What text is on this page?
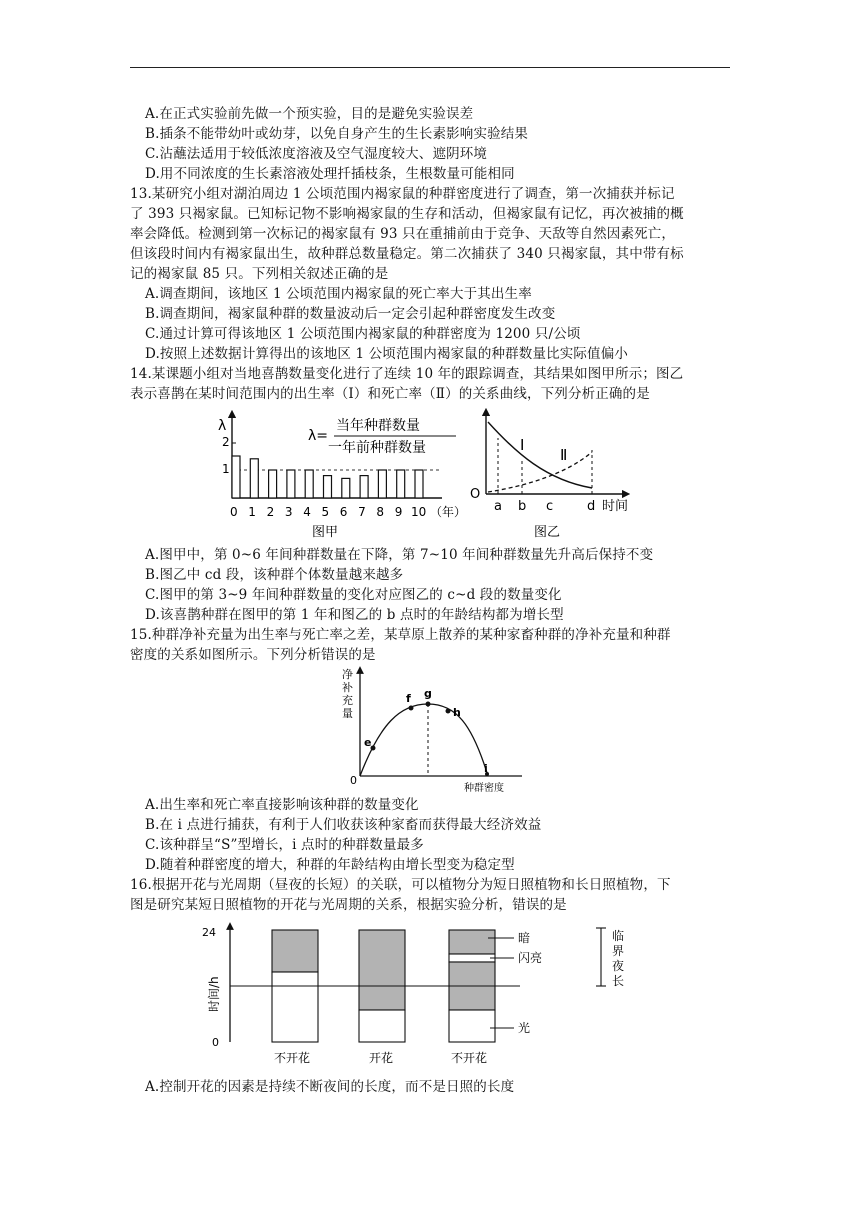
A.在正式实验前先做一个预实验，目的是避免实验误差
B.插条不能带幼叶或幼芽，以免自身产生的生长素影响实验结果
C.沾蘸法适用于较低浓度溶液及空气湿度较大、遮阴环境
D.用不同浓度的生长素溶液处理扦插枝条，生根数量可能相同
13.某研究小组对湖泊周边 1 公顷范围内褐家鼠的种群密度进行了调查，第一次捕获并标记
了 393 只褐家鼠。已知标记物不影响褐家鼠的生存和活动，但褐家鼠有记忆，再次被捕的概
率会降低。检测到第一次标记的褐家鼠有 93 只在重捕前由于竞争、天敌等自然因素死亡，
但该段时间内有褐家鼠出生，故种群总数量稳定。第二次捕获了 340 只褐家鼠，其中带有标
记的褐家鼠 85 只。下列相关叙述正确的是
A.调查期间，该地区 1 公顷范围内褐家鼠的死亡率大于其出生率
B.调查期间，褐家鼠种群的数量波动后一定会引起种群密度发生改变
C.通过计算可得该地区 1 公顷范围内褐家鼠的种群密度为 1200 只/公顷
D.按照上述数据计算得出的该地区 1 公顷范围内褐家鼠的种群数量比实际值偏小
14.某课题小组对当地喜鹊数量变化进行了连续 10 年的跟踪调查，其结果如图甲所示；图乙
表示喜鹊在某时间范围内的出生率（Ⅰ）和死亡率（Ⅱ）的关系曲线，下列分析正确的是
λ
2
1
0 1 2 3 4 5 6 7 8 9 10 （年）
λ=
当年种群数量
一年前种群数量
图甲
Ⅰ
Ⅱ
O
a b c	d 时间
图乙
A.图甲中，第 0~6 年间种群数量在下降，第 7~10 年间种群数量先升高后保持不变
B.图乙中 cd 段，该种群个体数量越来越多
C.图甲的第 3~9 年间种群数量的变化对应图乙的 c~d 段的数量变化
D.该喜鹊种群在图甲的第 1 年和图乙的 b 点时的年龄结构都为增长型
15.种群净补充量为出生率与死亡率之差，某草原上散养的某种家畜种群的净补充量和种群
密度的关系如图所示。下列分析错误的是
净
补
充
量
0
e
f g
h
i
种群密度
A.出生率和死亡率直接影响该种群的数量变化
B.在 i 点进行捕获，有利于人们收获该种家畜而获得最大经济效益
C.该种群呈“S”型增长，i 点时的种群数量最多
D.随着种群密度的增大，种群的年龄结构由增长型变为稳定型
16.根据开花与光周期（昼夜的长短）的关联，可以植物分为短日照植物和长日照植物，下
图是研究某短日照植物的开花与光周期的关系，根据实验分析，错误的是
24
0
时间/h
暗
闪亮
光
临
界
夜
长
不开花	开花	不开花
A.控制开花的因素是持续不断夜间的长度，而不是日照的长度
